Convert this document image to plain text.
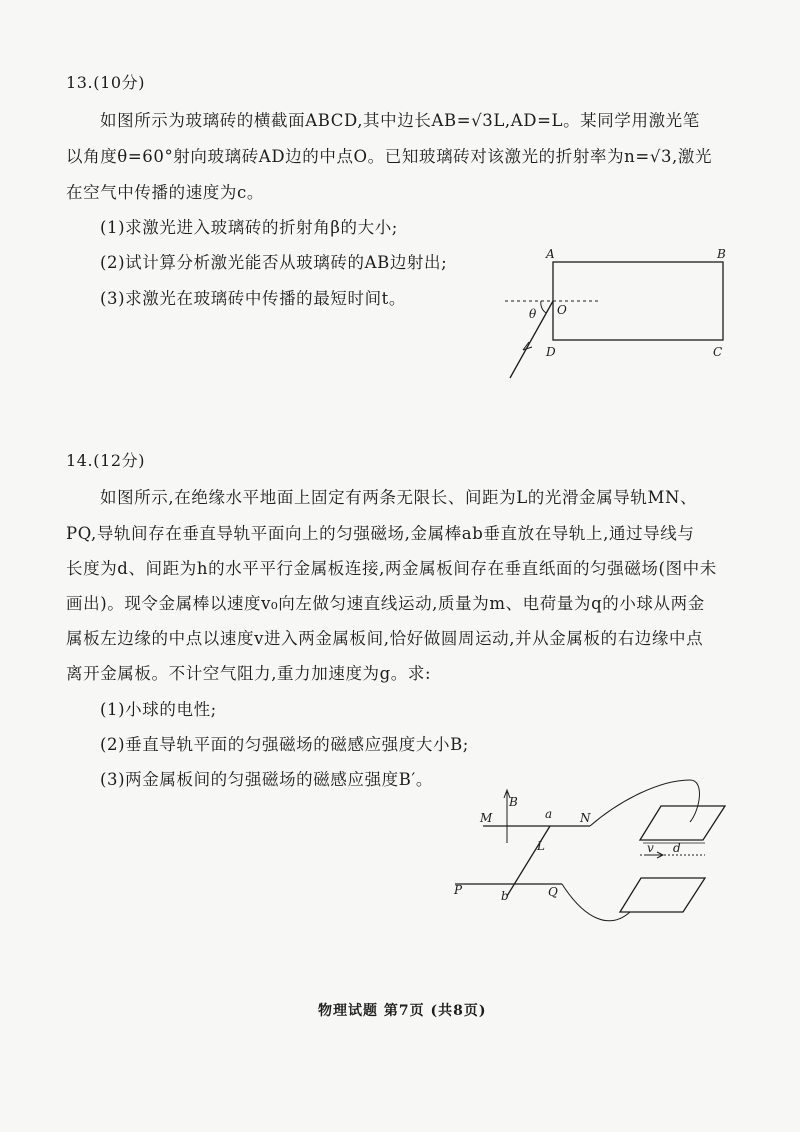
13.(10分)
如图所示为玻璃砖的横截面ABCD,其中边长AB=√3L,AD=L。某同学用激光笔
以角度θ=60°射向玻璃砖AD边的中点O。已知玻璃砖对该激光的折射率为n=√3,激光
在空气中传播的速度为c。
(1)求激光进入玻璃砖的折射角β的大小;
(2)试计算分析激光能否从玻璃砖的AB边射出;
(3)求激光在玻璃砖中传播的最短时间t。
14.(12分)
如图所示,在绝缘水平地面上固定有两条无限长、间距为L的光滑金属导轨MN、
PQ,导轨间存在垂直导轨平面向上的匀强磁场,金属棒ab垂直放在导轨上,通过导线与
长度为d、间距为h的水平平行金属板连接,两金属板间存在垂直纸面的匀强磁场(图中未
画出)。现令金属棒以速度v₀向左做匀速直线运动,质量为m、电荷量为q的小球从两金
属板左边缘的中点以速度v进入两金属板间,恰好做圆周运动,并从金属板的右边缘中点
离开金属板。不计空气阻力,重力加速度为g。求:
(1)小球的电性;
(2)垂直导轨平面的匀强磁场的磁感应强度大小B;
(3)两金属板间的匀强磁场的磁感应强度B′。
物理试题 第7页 (共8页)
A	B
C
D
O
θ
M	N
P	Q
a
b
B
L	v d
